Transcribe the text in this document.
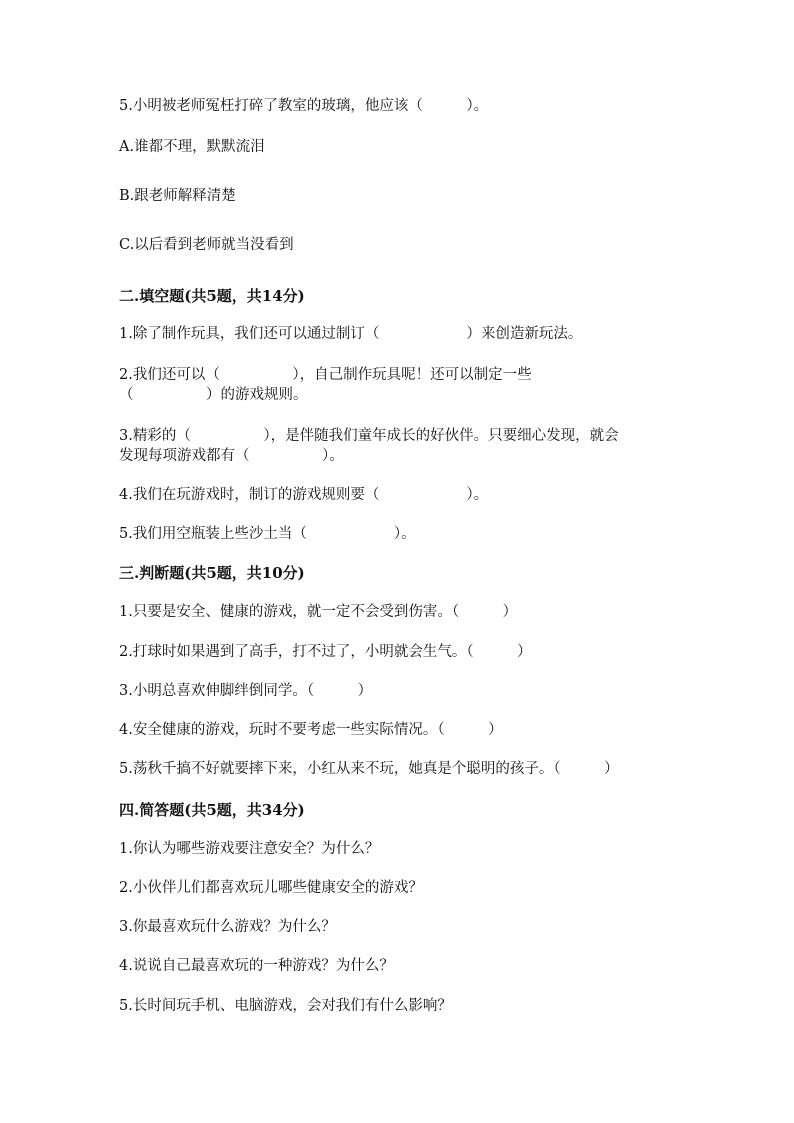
5.小明被老师冤枉打碎了教室的玻璃，他应该（　　　）。
A.谁都不理，默默流泪
B.跟老师解释清楚
C.以后看到老师就当没看到
二.填空题(共5题，共14分)
1.除了制作玩具，我们还可以通过制订（　　　　　　）来创造新玩法。
2.我们还可以（　　　　　），自己制作玩具呢！还可以制定一些
（　　　　　）的游戏规则。
3.精彩的（　　　　　），是伴随我们童年成长的好伙伴。只要细心发现，就会
发现每项游戏都有（　　　　　）。
4.我们在玩游戏时，制订的游戏规则要（　　　　　　）。
5.我们用空瓶装上些沙土当（　　　　　　）。
三.判断题(共5题，共10分)
1.只要是安全、健康的游戏，就一定不会受到伤害。（　　　）
2.打球时如果遇到了高手，打不过了，小明就会生气。（　　　）
3.小明总喜欢伸脚绊倒同学。（　　　）
4.安全健康的游戏，玩时不要考虑一些实际情况。（　　　）
5.荡秋千搞不好就要摔下来，小红从来不玩，她真是个聪明的孩子。（　　　）
四.简答题(共5题，共34分)
1.你认为哪些游戏要注意安全？为什么？
2.小伙伴儿们都喜欢玩儿哪些健康安全的游戏？
3.你最喜欢玩什么游戏？为什么？
4.说说自己最喜欢玩的一种游戏？为什么？
5.长时间玩手机、电脑游戏，会对我们有什么影响？
